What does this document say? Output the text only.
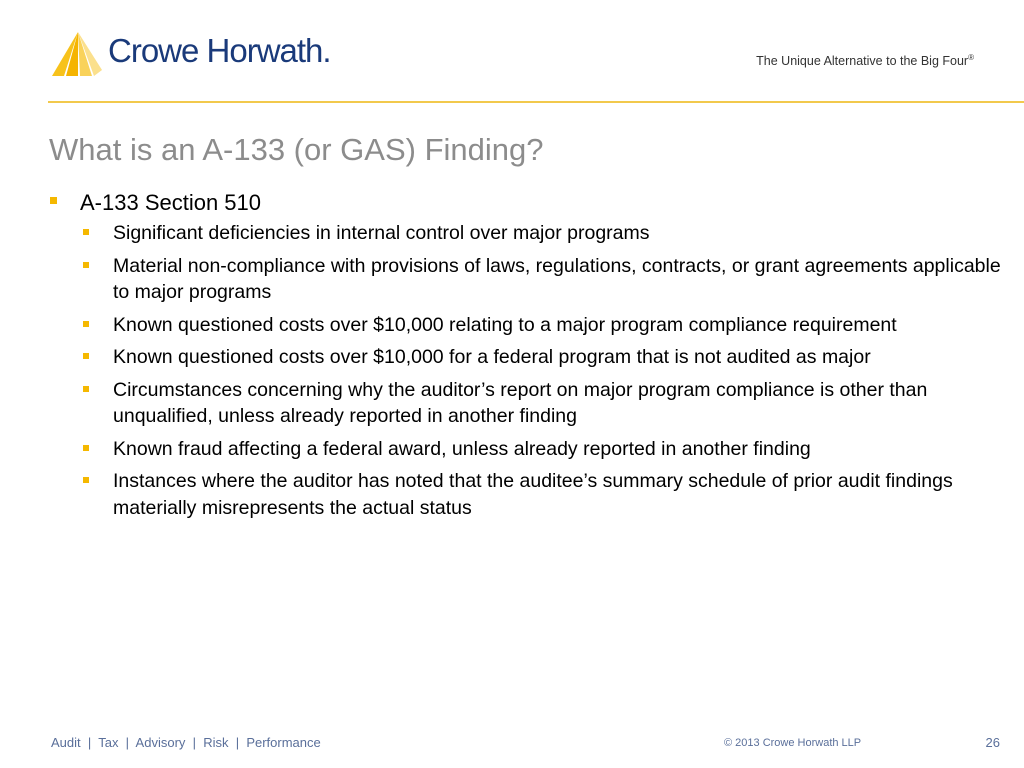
Crowe Horwath.	The Unique Alternative to the Big Four®
What is an A-133 (or GAS) Finding?
A-133 Section 510
Significant deficiencies in internal control over major programs
Material non-compliance with provisions of laws, regulations, contracts, or grant agreements applicable to major programs
Known questioned costs over $10,000 relating to a major program compliance requirement
Known questioned costs over $10,000 for a federal program that is not audited as major
Circumstances concerning why the auditor’s report on major program compliance is other than unqualified, unless already reported in another finding
Known fraud affecting a federal award, unless already reported in another finding
Instances where the auditor has noted that the auditee’s summary schedule of prior audit findings materially misrepresents the actual status
Audit  |  Tax  |  Advisory  |  Risk  |  Performance	© 2013 Crowe Horwath LLP	26
